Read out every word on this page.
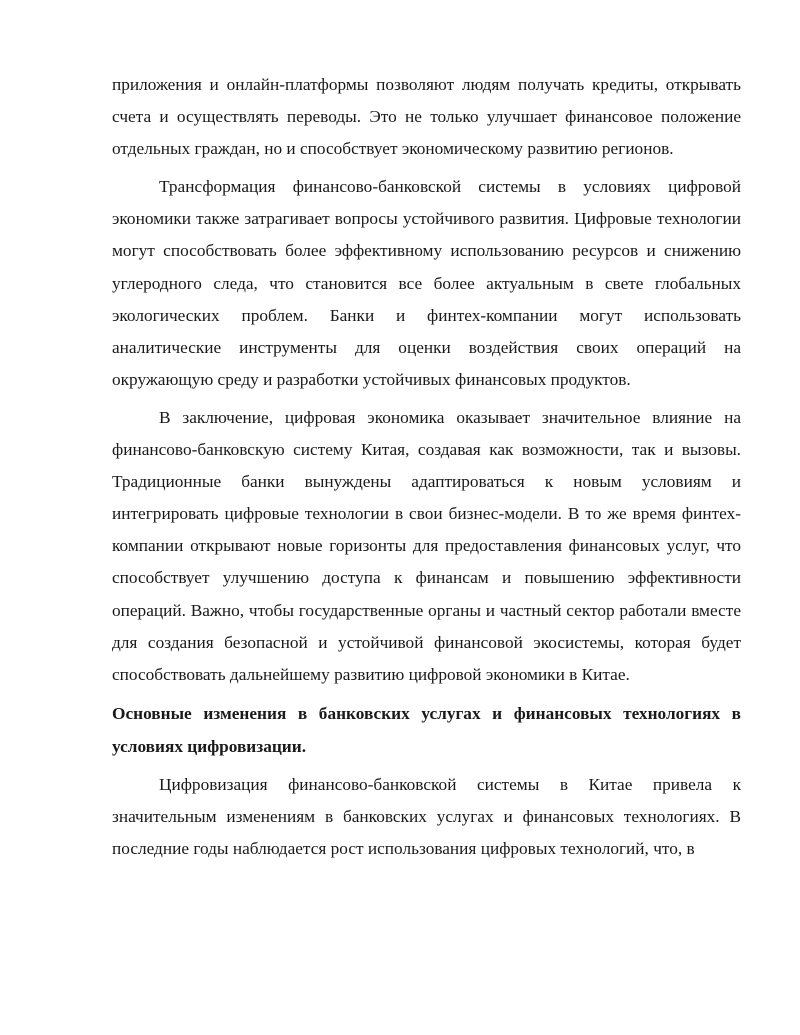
приложения и онлайн-платформы позволяют людям получать кредиты, открывать счета и осуществлять переводы. Это не только улучшает финансовое положение отдельных граждан, но и способствует экономическому развитию регионов.

Трансформация финансово-банковской системы в условиях цифровой экономики также затрагивает вопросы устойчивого развития. Цифровые технологии могут способствовать более эффективному использованию ресурсов и снижению углеродного следа, что становится все более актуальным в свете глобальных экологических проблем. Банки и финтех-компании могут использовать аналитические инструменты для оценки воздействия своих операций на окружающую среду и разработки устойчивых финансовых продуктов.

В заключение, цифровая экономика оказывает значительное влияние на финансово-банковскую систему Китая, создавая как возможности, так и вызовы. Традиционные банки вынуждены адаптироваться к новым условиям и интегрировать цифровые технологии в свои бизнес-модели. В то же время финтех-компании открывают новые горизонты для предоставления финансовых услуг, что способствует улучшению доступа к финансам и повышению эффективности операций. Важно, чтобы государственные органы и частный сектор работали вместе для создания безопасной и устойчивой финансовой экосистемы, которая будет способствовать дальнейшему развитию цифровой экономики в Китае.

Основные изменения в банковских услугах и финансовых технологиях в условиях цифровизации.

Цифровизация финансово-банковской системы в Китае привела к значительным изменениям в банковских услугах и финансовых технологиях. В последние годы наблюдается рост использования цифровых технологий, что, в
